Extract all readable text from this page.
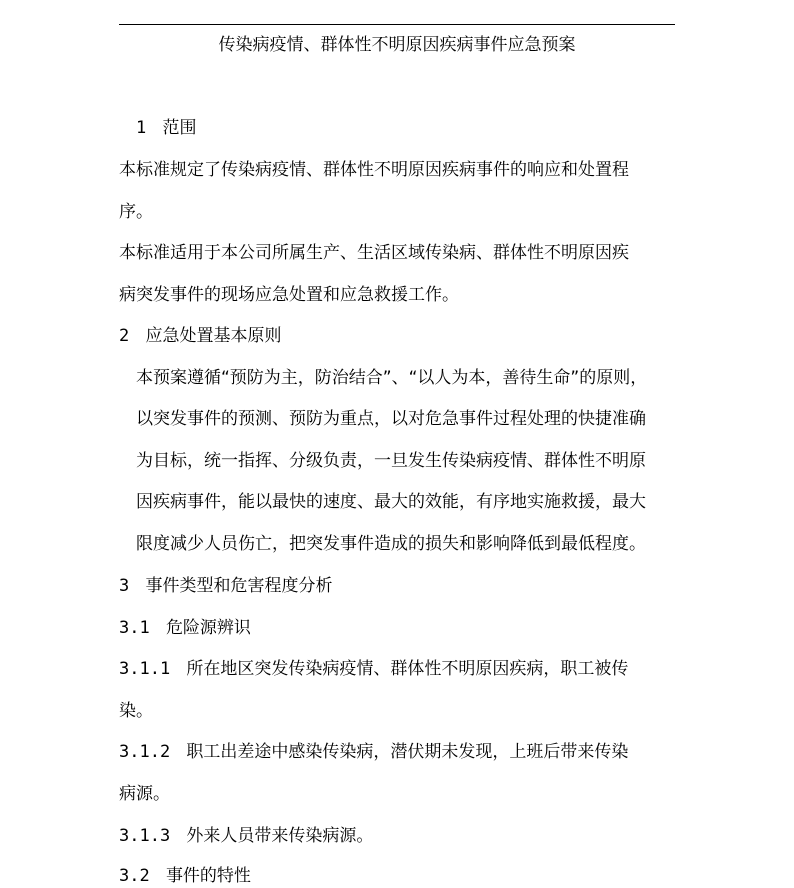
传染病疫情、群体性不明原因疾病事件应急预案
1 范围
本标准规定了传染病疫情、群体性不明原因疾病事件的响应和处置程
序。
本标准适用于本公司所属生产、生活区域传染病、群体性不明原因疾
病突发事件的现场应急处置和应急救援工作。
2 应急处置基本原则
本预案遵循“预防为主，防治结合”、“以人为本，善待生命”的原则，
以突发事件的预测、预防为重点，以对危急事件过程处理的快捷准确
为目标，统一指挥、分级负责，一旦发生传染病疫情、群体性不明原
因疾病事件，能以最快的速度、最大的效能，有序地实施救援，最大
限度减少人员伤亡，把突发事件造成的损失和影响降低到最低程度。
3 事件类型和危害程度分析
3.1 危险源辨识
3.1.1 所在地区突发传染病疫情、群体性不明原因疾病，职工被传
染。
3.1.2 职工出差途中感染传染病，潜伏期未发现，上班后带来传染
病源。
3.1.3 外来人员带来传染病源。
3.2 事件的特性
